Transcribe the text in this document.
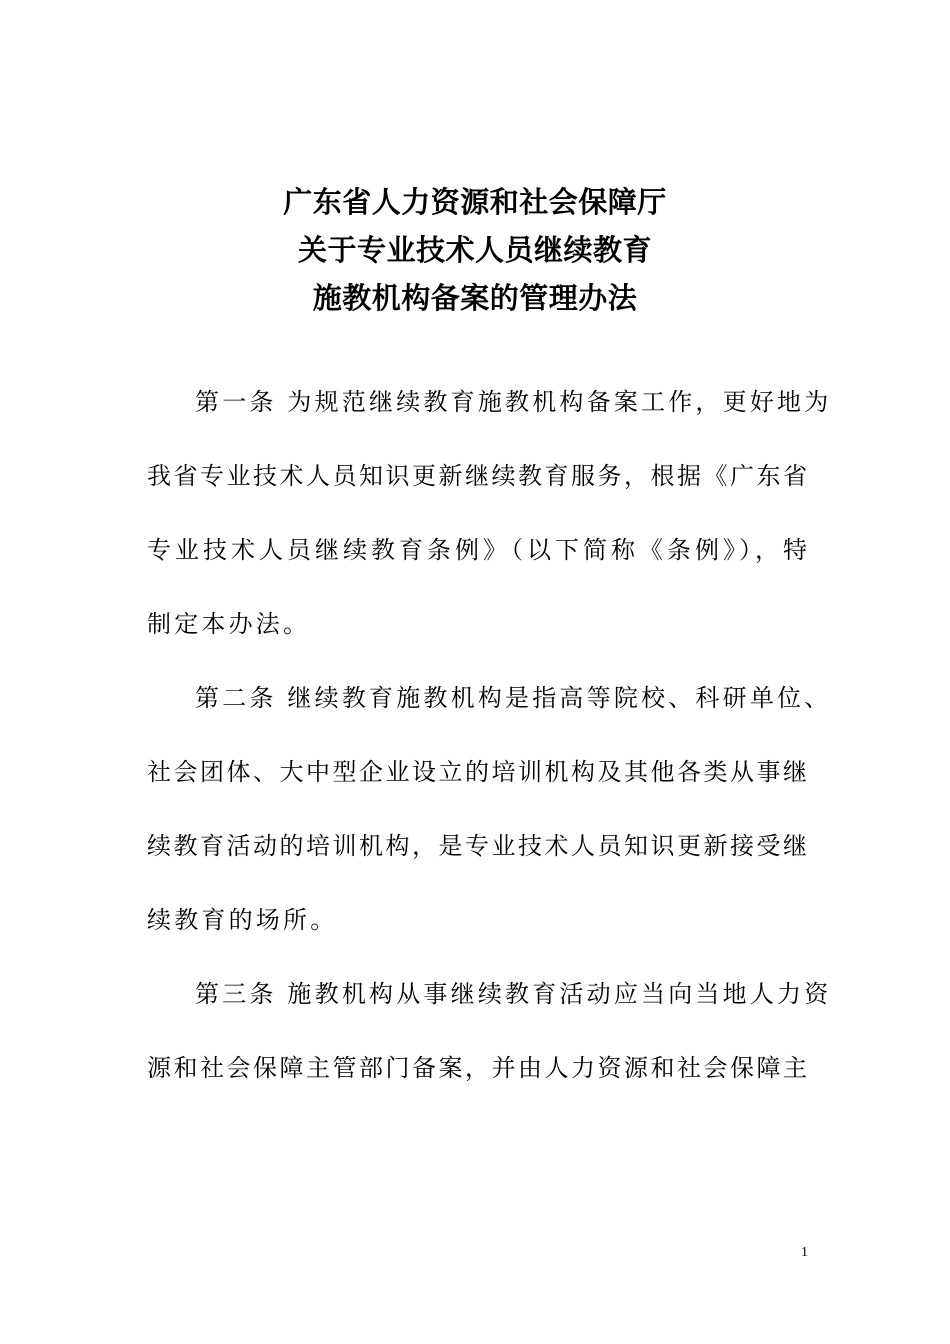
广东省人力资源和社会保障厅
关于专业技术人员继续教育
施教机构备案的管理办法
第一条 为规范继续教育施教机构备案工作，更好地为
我省专业技术人员知识更新继续教育服务，根据《广东省
专业技术人员继续教育条例》（以下简称《条例》），特
制定本办法。
第二条 继续教育施教机构是指高等院校、科研单位、
社会团体、大中型企业设立的培训机构及其他各类从事继
续教育活动的培训机构，是专业技术人员知识更新接受继
续教育的场所。
第三条 施教机构从事继续教育活动应当向当地人力资
源和社会保障主管部门备案，并由人力资源和社会保障主
1
